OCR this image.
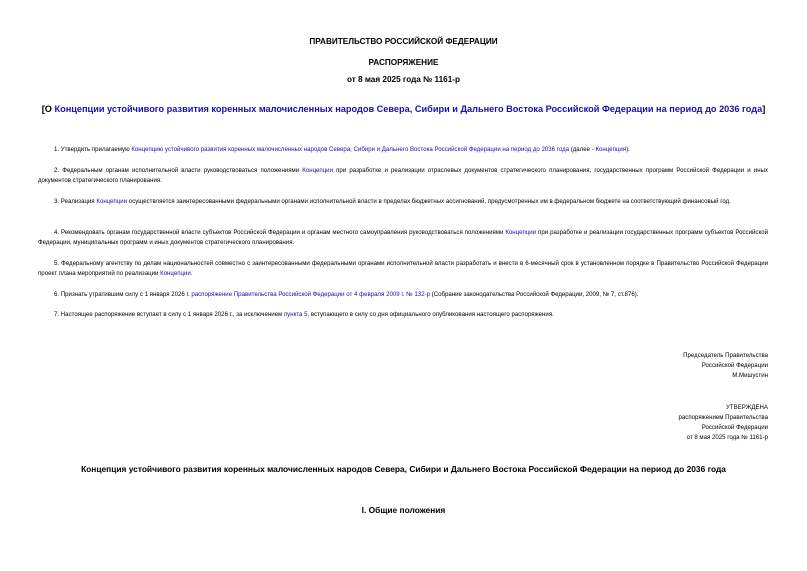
ПРАВИТЕЛЬСТВО РОССИЙСКОЙ ФЕДЕРАЦИИ
РАСПОРЯЖЕНИЕ
от 8 мая 2025 года № 1161-р
[О Концепции устойчивого развития коренных малочисленных народов Севера, Сибири и Дальнего Востока Российской Федерации на период до 2036 года]

1. Утвердить прилагаемую Концепцию устойчивого развития коренных малочисленных народов Севера, Сибири и Дальнего Востока Российской Федерации на период до 2036 года (далее - Концепция).

2. Федеральным органам исполнительной власти руководствоваться положениями Концепции при разработке и реализации отраслевых документов стратегического планирования, государственных программ Российской Федерации и иных документов стратегического планирования.

3. Реализация Концепции осуществляется заинтересованными федеральными органами исполнительной власти в пределах бюджетных ассигнований, предусмотренных им в федеральном бюджете на соответствующий финансовый год.

4. Рекомендовать органам государственной власти субъектов Российской Федерации и органам местного самоуправления руководствоваться положениями Концепции при разработке и реализации государственных программ субъектов Российской Федерации, муниципальных программ и иных документов стратегического планирования.

5. Федеральному агентству по делам национальностей совместно с заинтересованными федеральными органами исполнительной власти разработать и внести в 6-месячный срок в установленном порядке в Правительство Российской Федерации проект плана мероприятий по реализации Концепции.

6. Признать утратившим силу с 1 января 2026 г. распоряжение Правительства Российской Федерации от 4 февраля 2009 г. № 132-р (Собрание законодательства Российской Федерации, 2009, № 7, ст.876).

7. Настоящее распоряжение вступает в силу с 1 января 2026 г., за исключением пункта 5, вступающего в силу со дня официального опубликования настоящего распоряжения.

Председатель Правительства
Российской Федерации
М.Мишустин
УТВЕРЖДЕНА
распоряжением Правительства
Российской Федерации
от 8 мая 2025 года № 1161-р
Концепция устойчивого развития коренных малочисленных народов Севера, Сибири и Дальнего Востока Российской Федерации на период до 2036 года
I. Общие положения
